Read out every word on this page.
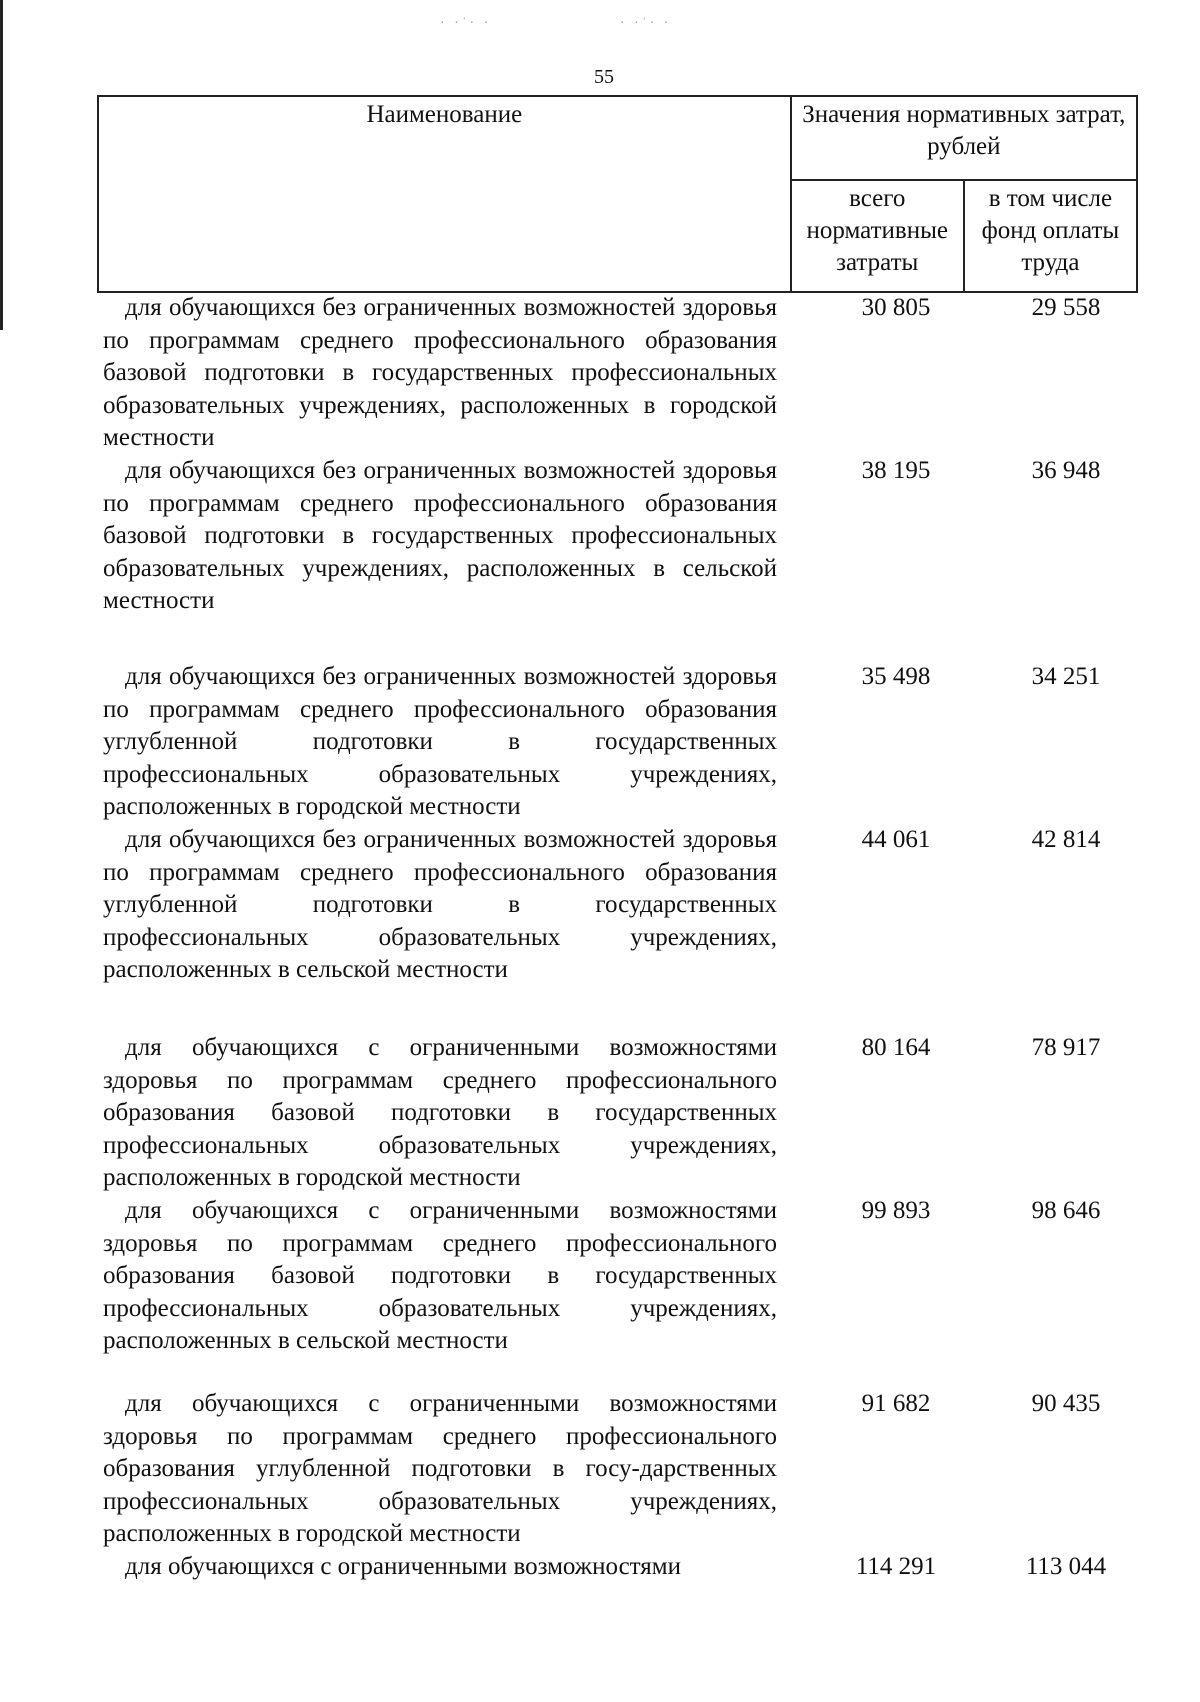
· ·ˈ· ·	· ·ˈ· ·
55
Наименование	Значения нормативных затрат, рублей	
	всего нормативные затраты	в том числе фонд оплаты труда
для обучающихся без ограниченных возможностей здоровья по программам среднего профессионального образования базовой подготовки в государственных профессиональных образовательных учреждениях, расположенных в городской местности
30 805	29 558
для обучающихся без ограниченных возможностей здоровья по программам среднего профессионального образования базовой подготовки в государственных профессиональных образовательных учреждениях, расположенных в сельской местности
38 195	36 948
для обучающихся без ограниченных возможностей здоровья по программам среднего профессионального образования углубленной подготовки в государственных профессиональных образовательных учреждениях, расположенных в городской местности
35 498	34 251
для обучающихся без ограниченных возможностей здоровья по программам среднего профессионального образования углубленной подготовки в государственных профессиональных образовательных учреждениях, расположенных в сельской местности
44 061	42 814
для обучающихся с ограниченными возможностями здоровья по программам среднего профессионального образования базовой подготовки в государственных профессиональных образовательных учреждениях, расположенных в городской местности
80 164	78 917
для обучающихся с ограниченными возможностями здоровья по программам среднего профессионального образования базовой подготовки в государственных профессиональных образовательных учреждениях, расположенных в сельской местности
99 893	98 646
для обучающихся с ограниченными возможностями здоровья по программам среднего профессионального образования углубленной подготовки в госу-дарственных профессиональных образовательных учреждениях, расположенных в городской местности
91 682	90 435
для обучающихся с ограниченными возможностями	114 291	113 044
